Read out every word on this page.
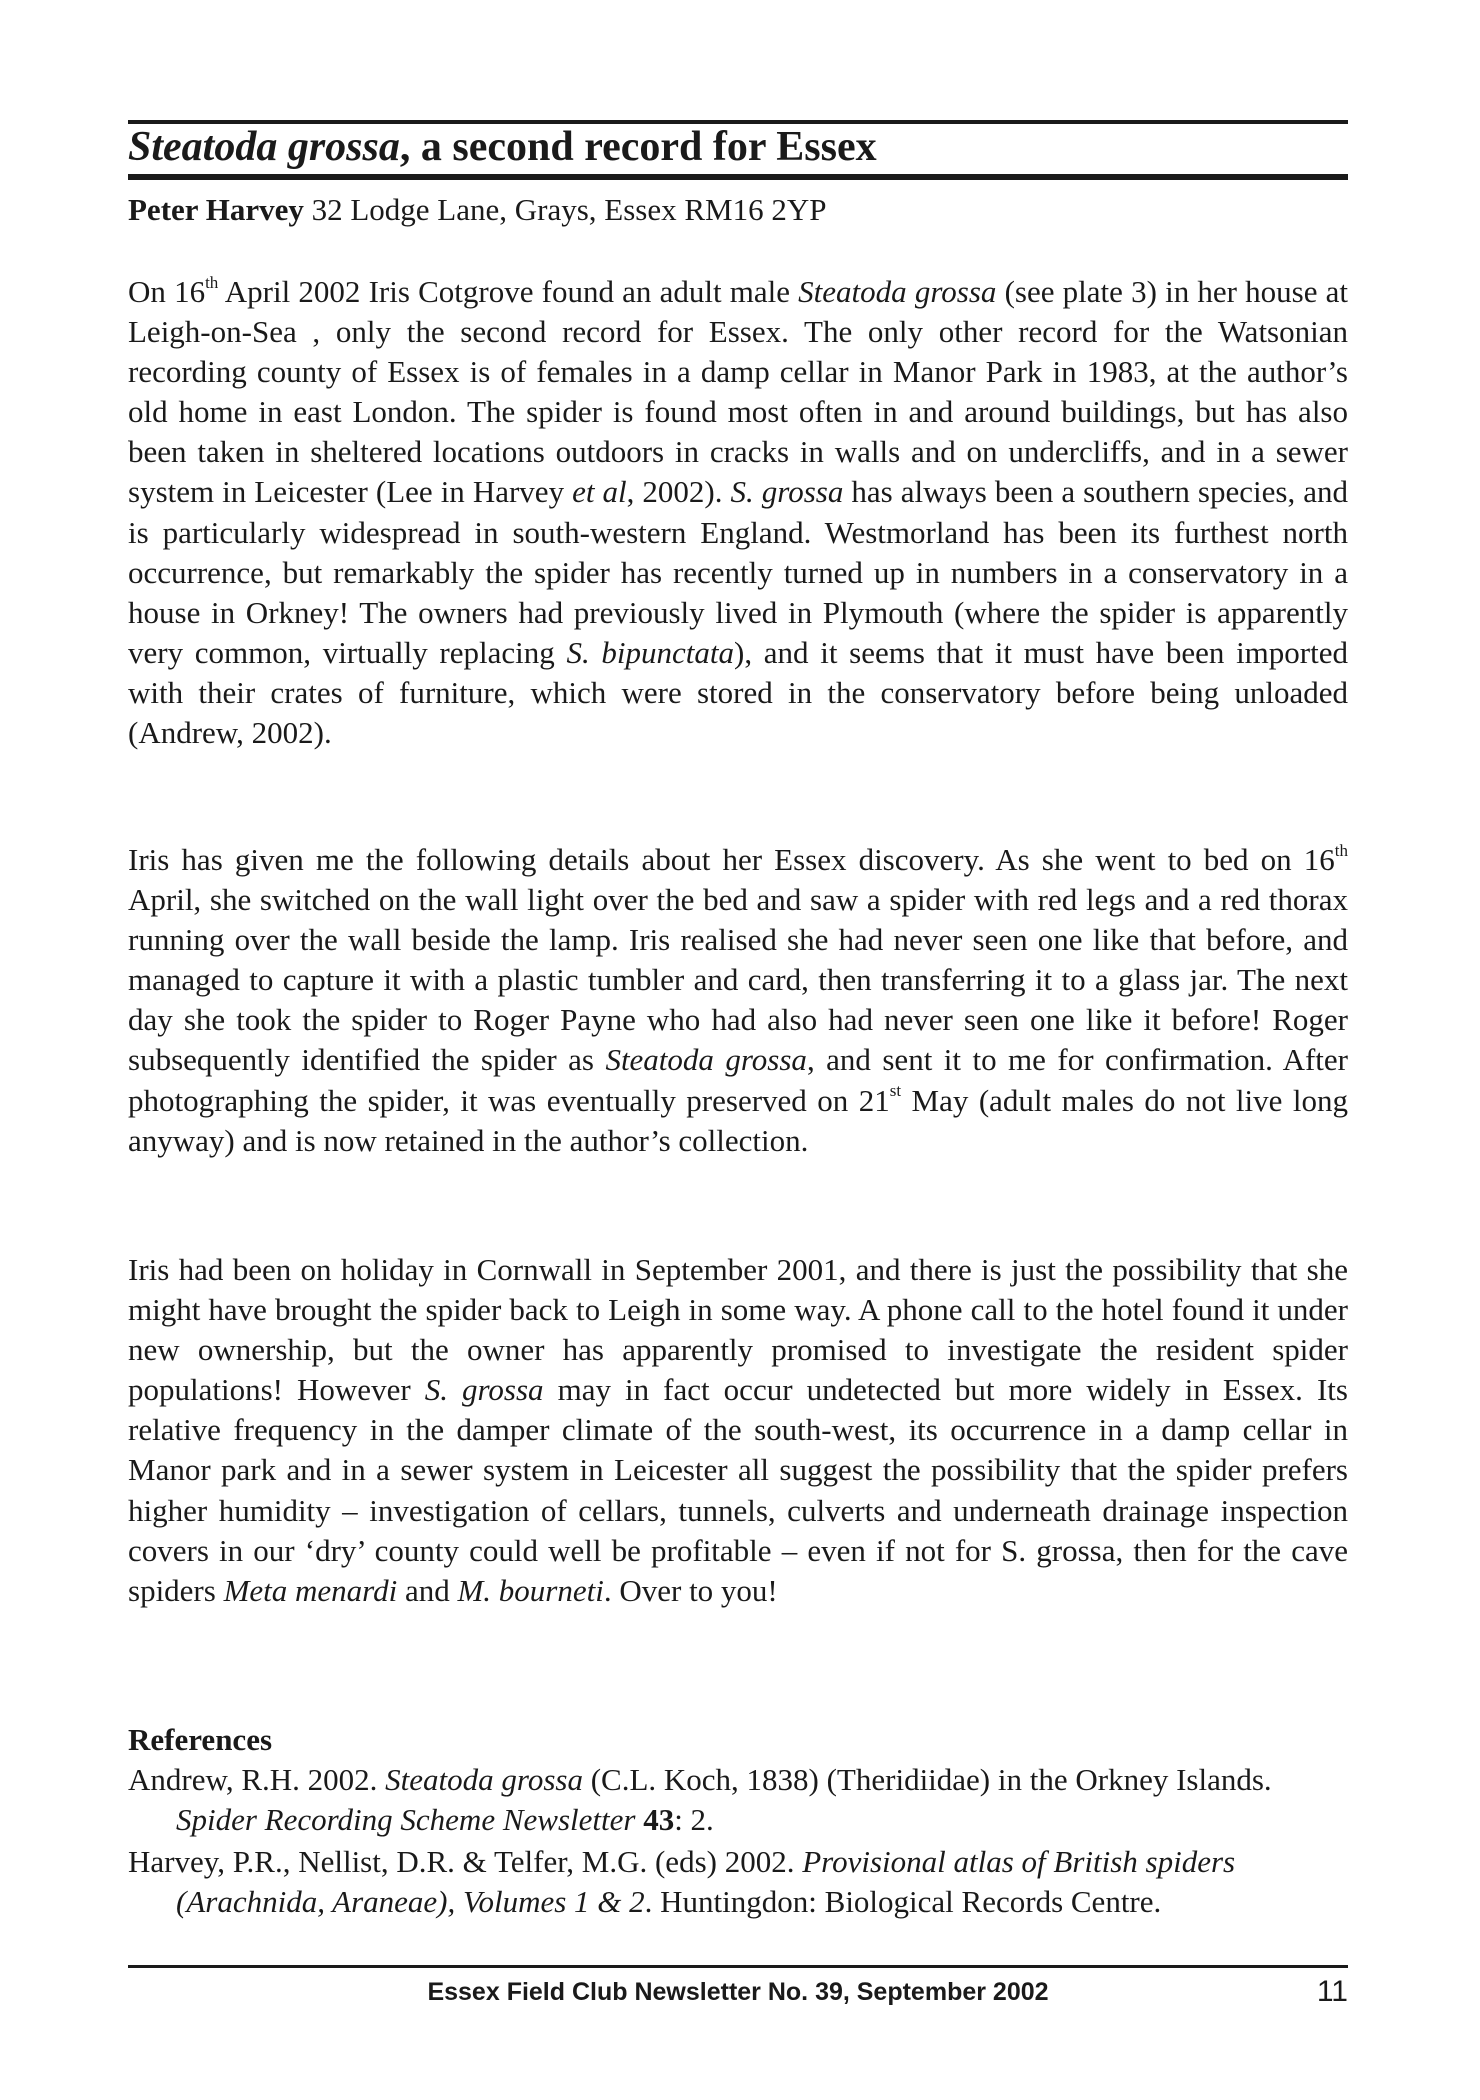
Steatoda grossa, a second record for Essex
Peter Harvey 32 Lodge Lane, Grays, Essex RM16 2YP

On 16th April 2002 Iris Cotgrove found an adult male Steatoda grossa (see plate 3) in her house at Leigh-on-Sea , only the second record for Essex. The only other record for the Watsonian recording county of Essex is of females in a damp cellar in Manor Park in 1983, at the author’s old home in east London. The spider is found most often in and around buildings, but has also been taken in sheltered locations outdoors in cracks in walls and on undercliffs, and in a sewer system in Leicester (Lee in Harvey et al, 2002). S. grossa has always been a southern species, and is particularly widespread in south-western England. Westmorland has been its furthest north occurrence, but remarkably the spider has recently turned up in numbers in a conservatory in a house in Orkney! The owners had previously lived in Plymouth (where the spider is apparently very common, virtually replacing S. bipunctata), and it seems that it must have been imported with their crates of furniture, which were stored in the conservatory before being unloaded (Andrew, 2002).

Iris has given me the following details about her Essex discovery. As she went to bed on 16th April, she switched on the wall light over the bed and saw a spider with red legs and a red thorax running over the wall beside the lamp. Iris realised she had never seen one like that before, and managed to capture it with a plastic tumbler and card, then transferring it to a glass jar. The next day she took the spider to Roger Payne who had also had never seen one like it before! Roger subsequently identified the spider as Steatoda grossa, and sent it to me for confirmation. After photographing the spider, it was eventually preserved on 21st May (adult males do not live long anyway) and is now retained in the author’s collection.

Iris had been on holiday in Cornwall in September 2001, and there is just the possibility that she might have brought the spider back to Leigh in some way. A phone call to the hotel found it under new ownership, but the owner has apparently promised to investigate the resident spider populations! However S. grossa may in fact occur undetected but more widely in Essex. Its relative frequency in the damper climate of the south-west, its occurrence in a damp cellar in Manor park and in a sewer system in Leicester all suggest the possibility that the spider prefers higher humidity – investigation of cellars, tunnels, culverts and underneath drainage inspection covers in our ‘dry’ county could well be profitable – even if not for S. grossa, then for the cave spiders Meta menardi and M. bourneti. Over to you!

References
Andrew, R.H. 2002. Steatoda grossa (C.L. Koch, 1838) (Theridiidae) in the Orkney Islands. Spider Recording Scheme Newsletter 43: 2.
Harvey, P.R., Nellist, D.R. & Telfer, M.G. (eds) 2002. Provisional atlas of British spiders (Arachnida, Araneae), Volumes 1 & 2. Huntingdon: Biological Records Centre.
Essex Field Club Newsletter No. 39, September 2002	11
